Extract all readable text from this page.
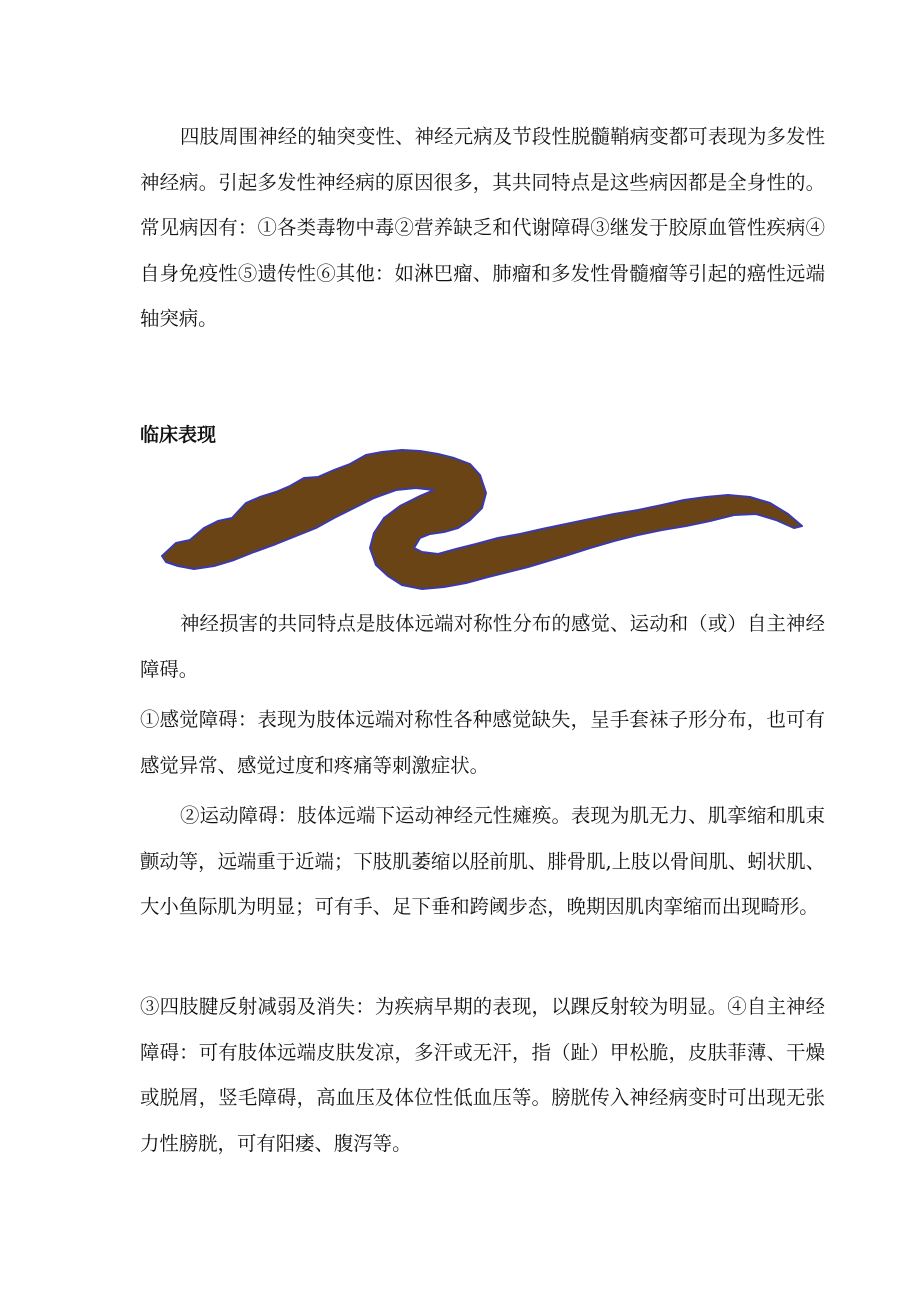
四肢周围神经的轴突变性、神经元病及节段性脱髓鞘病变都可表现为多发性神经病。引起多发性神经病的原因很多，其共同特点是这些病因都是全身性的。常见病因有：①各类毒物中毒②营养缺乏和代谢障碍③继发于胶原血管性疾病④自身免疫性⑤遗传性⑥其他：如淋巴瘤、肺瘤和多发性骨髓瘤等引起的癌性远端轴突病。

临床表现

神经损害的共同特点是肢体远端对称性分布的感觉、运动和（或）自主神经障碍。

①感觉障碍：表现为肢体远端对称性各种感觉缺失，呈手套袜子形分布，也可有感觉异常、感觉过度和疼痛等刺激症状。

②运动障碍：肢体远端下运动神经元性瘫痪。表现为肌无力、肌挛缩和肌束颤动等，远端重于近端；下肢肌萎缩以胫前肌、腓骨肌,上肢以骨间肌、蚓状肌、大小鱼际肌为明显；可有手、足下垂和跨阈步态，晚期因肌肉挛缩而出现畸形。

③四肢腱反射减弱及消失：为疾病早期的表现，以踝反射较为明显。④自主神经障碍：可有肢体远端皮肤发凉，多汗或无汗，指（趾）甲松脆，皮肤菲薄、干燥或脱屑，竖毛障碍，高血压及体位性低血压等。膀胱传入神经病变时可出现无张力性膀胱，可有阳痿、腹泻等。
